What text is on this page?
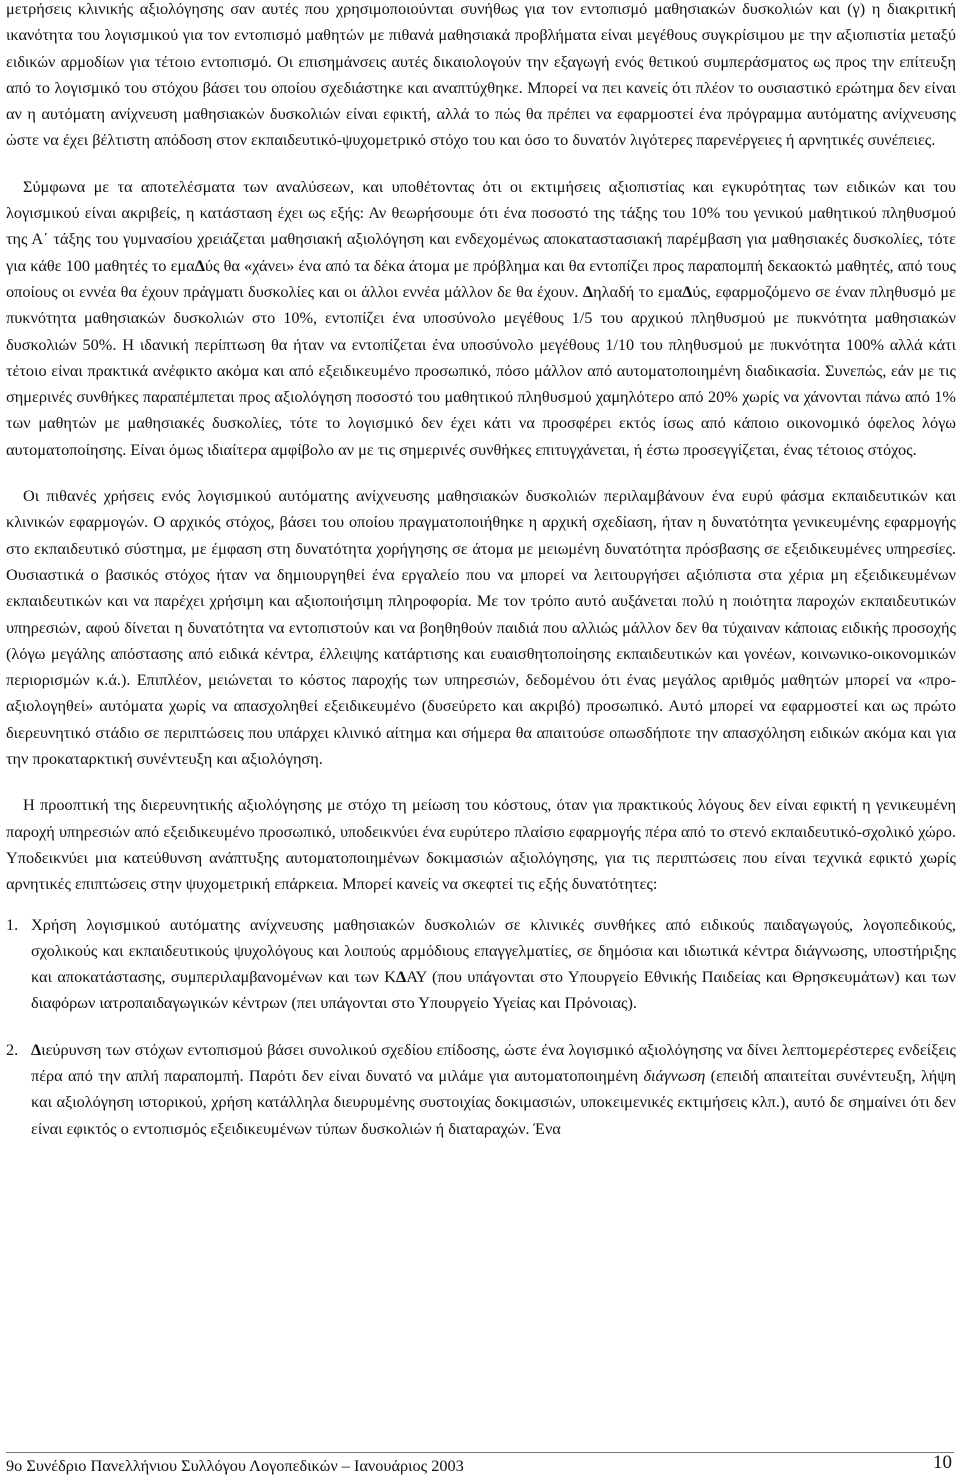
μετρήσεις κλινικής αξιολόγησης σαν αυτές που χρησιμοποιούνται συνήθως για τον εντοπισμό μαθησιακών δυσκολιών και (γ) η διακριτική ικανότητα του λογισμικού για τον εντοπισμό μαθητών με πιθανά μαθησιακά προβλήματα είναι μεγέθους συγκρίσιμου με την αξιοπιστία μεταξύ ειδικών αρμοδίων για τέτοιο εντοπισμό. Οι επισημάνσεις αυτές δικαιολογούν την εξαγωγή ενός θετικού συμπεράσματος ως προς την επίτευξη από το λογισμικό του στόχου βάσει του οποίου σχεδιάστηκε και αναπτύχθηκε. Μπορεί να πει κανείς ότι πλέον το ουσιαστικό ερώτημα δεν είναι αν η αυτόματη ανίχνευση μαθησιακών δυσκολιών είναι εφικτή, αλλά το πώς θα πρέπει να εφαρμοστεί ένα πρόγραμμα αυτόματης ανίχνευσης ώστε να έχει βέλτιστη απόδοση στον εκπαιδευτικό-ψυχομετρικό στόχο του και όσο το δυνατόν λιγότερες παρενέργειες ή αρνητικές συνέπειες.

Σύμφωνα με τα αποτελέσματα των αναλύσεων, και υποθέτοντας ότι οι εκτιμήσεις αξιοπιστίας και εγκυρότητας των ειδικών και του λογισμικού είναι ακριβείς, η κατάσταση έχει ως εξής: Αν θεωρήσουμε ότι ένα ποσοστό της τάξης του 10% του γενικού μαθητικού πληθυσμού της Α΄ τάξης του γυμνασίου χρειάζεται μαθησιακή αξιολόγηση και ενδεχομένως αποκαταστασιακή παρέμβαση για μαθησιακές δυσκολίες, τότε για κάθε 100 μαθητές το εμαΔύς θα «χάνει» ένα από τα δέκα άτομα με πρόβλημα και θα εντοπίζει προς παραπομπή δεκαοκτώ μαθητές, από τους οποίους οι εννέα θα έχουν πράγματι δυσκολίες και οι άλλοι εννέα μάλλον δε θα έχουν. Δηλαδή το εμαΔύς, εφαρμοζόμενο σε έναν πληθυσμό με πυκνότητα μαθησιακών δυσκολιών στο 10%, εντοπίζει ένα υποσύνολο μεγέθους 1/5 του αρχικού πληθυσμού με πυκνότητα μαθησιακών δυσκολιών 50%. Η ιδανική περίπτωση θα ήταν να εντοπίζεται ένα υποσύνολο μεγέθους 1/10 του πληθυσμού με πυκνότητα 100% αλλά κάτι τέτοιο είναι πρακτικά ανέφικτο ακόμα και από εξειδικευμένο προσωπικό, πόσο μάλλον από αυτοματοποιημένη διαδικασία. Συνεπώς, εάν με τις σημερινές συνθήκες παραπέμπεται προς αξιολόγηση ποσοστό του μαθητικού πληθυσμού χαμηλότερο από 20% χωρίς να χάνονται πάνω από 1% των μαθητών με μαθησιακές δυσκολίες, τότε το λογισμικό δεν έχει κάτι να προσφέρει εκτός ίσως από κάποιο οικονομικό όφελος λόγω αυτοματοποίησης. Είναι όμως ιδιαίτερα αμφίβολο αν με τις σημερινές συνθήκες επιτυγχάνεται, ή έστω προσεγγίζεται, ένας τέτοιος στόχος.

Οι πιθανές χρήσεις ενός λογισμικού αυτόματης ανίχνευσης μαθησιακών δυσκολιών περιλαμβάνουν ένα ευρύ φάσμα εκπαιδευτικών και κλινικών εφαρμογών. Ο αρχικός στόχος, βάσει του οποίου πραγματοποιήθηκε η αρχική σχεδίαση, ήταν η δυνατότητα γενικευμένης εφαρμογής στο εκπαιδευτικό σύστημα, με έμφαση στη δυνατότητα χορήγησης σε άτομα με μειωμένη δυνατότητα πρόσβασης σε εξειδικευμένες υπηρεσίες. Ουσιαστικά ο βασικός στόχος ήταν να δημιουργηθεί ένα εργαλείο που να μπορεί να λειτουργήσει αξιόπιστα στα χέρια μη εξειδικευμένων εκπαιδευτικών και να παρέχει χρήσιμη και αξιοποιήσιμη πληροφορία. Με τον τρόπο αυτό αυξάνεται πολύ η ποιότητα παροχών εκπαιδευτικών υπηρεσιών, αφού δίνεται η δυνατότητα να εντοπιστούν και να βοηθηθούν παιδιά που αλλιώς μάλλον δεν θα τύχαιναν κάποιας ειδικής προσοχής (λόγω μεγάλης απόστασης από ειδικά κέντρα, έλλειψης κατάρτισης και ευαισθητοποίησης εκπαιδευτικών και γονέων, κοινωνικο-οικονομικών περιορισμών κ.ά.). Επιπλέον, μειώνεται το κόστος παροχής των υπηρεσιών, δεδομένου ότι ένας μεγάλος αριθμός μαθητών μπορεί να «προ-αξιολογηθεί» αυτόματα χωρίς να απασχοληθεί εξειδικευμένο (δυσεύρετο και ακριβό) προσωπικό. Αυτό μπορεί να εφαρμοστεί και ως πρώτο διερευνητικό στάδιο σε περιπτώσεις που υπάρχει κλινικό αίτημα και σήμερα θα απαιτούσε οπωσδήποτε την απασχόληση ειδικών ακόμα και για την προκαταρκτική συνέντευξη και αξιολόγηση.

Η προοπτική της διερευνητικής αξιολόγησης με στόχο τη μείωση του κόστους, όταν για πρακτικούς λόγους δεν είναι εφικτή η γενικευμένη παροχή υπηρεσιών από εξειδικευμένο προσωπικό, υποδεικνύει ένα ευρύτερο πλαίσιο εφαρμογής πέρα από το στενό εκπαιδευτικό-σχολικό χώρο. Υποδεικνύει μια κατεύθυνση ανάπτυξης αυτοματοποιημένων δοκιμασιών αξιολόγησης, για τις περιπτώσεις που είναι τεχνικά εφικτό χωρίς αρνητικές επιπτώσεις στην ψυχομετρική επάρκεια. Μπορεί κανείς να σκεφτεί τις εξής δυνατότητες:

1. Χρήση λογισμικού αυτόματης ανίχνευσης μαθησιακών δυσκολιών σε κλινικές συνθήκες από ειδικούς παιδαγωγούς, λογοπεδικούς, σχολικούς και εκπαιδευτικούς ψυχολόγους και λοιπούς αρμόδιους επαγγελματίες, σε δημόσια και ιδιωτικά κέντρα διάγνωσης, υποστήριξης και αποκατάστασης, συμπεριλαμβανομένων και των ΚΔΑΥ (που υπάγονται στο Υπουργείο Εθνικής Παιδείας και Θρησκευμάτων) και των διαφόρων ιατροπαιδαγωγικών κέντρων (πει υπάγονται στο Υπουργείο Υγείας και Πρόνοιας).
2. Διεύρυνση των στόχων εντοπισμού βάσει συνολικού σχεδίου επίδοσης, ώστε ένα λογισμικό αξιολόγησης να δίνει λεπτομερέστερες ενδείξεις πέρα από την απλή παραπομπή. Παρότι δεν είναι δυνατό να μιλάμε για αυτοματοποιημένη διάγνωση (επειδή απαιτείται συνέντευξη, λήψη και αξιολόγηση ιστορικού, χρήση κατάλληλα διευρυμένης συστοιχίας δοκιμασιών, υποκειμενικές εκτιμήσεις κλπ.), αυτό δε σημαίνει ότι δεν είναι εφικτός ο εντοπισμός εξειδικευμένων τύπων δυσκολιών ή διαταραχών. Ένα
9ο Συνέδριο Πανελλήνιου Συλλόγου Λογοπεδικών – Ιανουάριος 2003	10
